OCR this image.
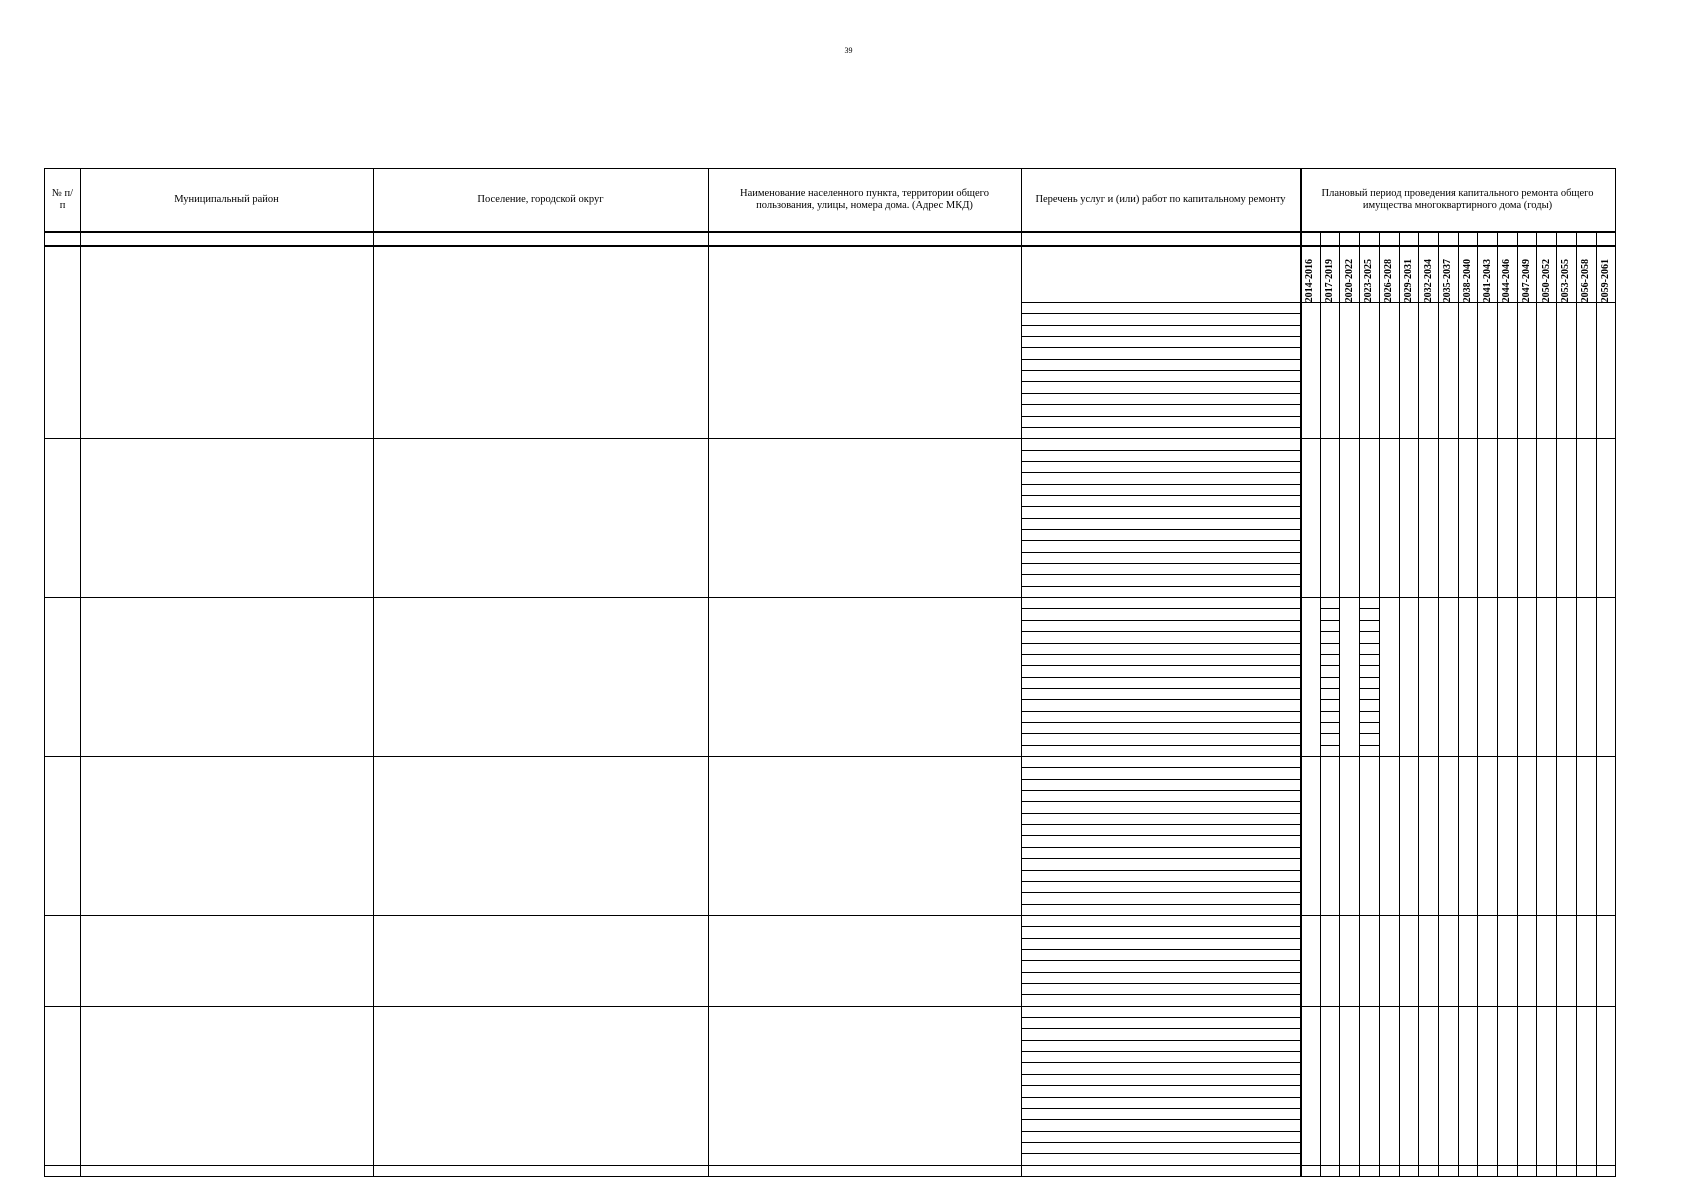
39
№ п/п
Муниципальный район	Поселение, городской округ
Наименование населенного пункта, территории общего пользования, улицы, номера дома. (Адрес МКД)
Перечень услуг и (или) работ по капитальному ремонту
Плановый период проведения капитального ремонта общего имущества многоквартирного дома (годы)
2014-2016 2017-2019 2020-2022 2023-2025 2026-2028 2029-2031 2032-2034 2035-2037 2038-2040 2041-2043 2044-2046 2047-2049 2050-2052 2053-2055 2056-2058 2059-2061
